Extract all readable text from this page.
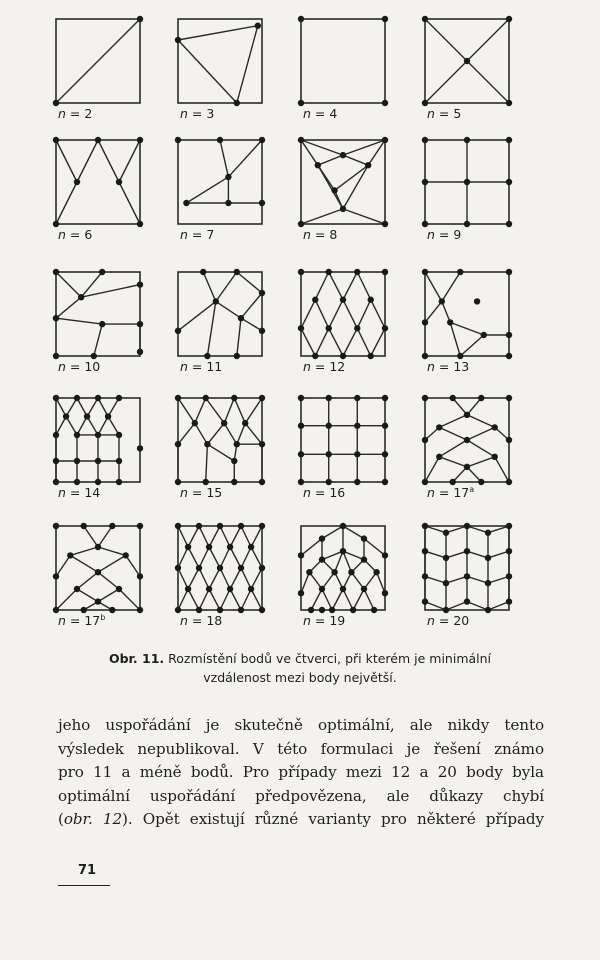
n = 2	n = 3	n = 4	n = 5
n = 6	n = 7	n = 8	n = 9
n = 10	n = 11	n = 12	n = 13
n = 14	n = 15	n = 16	$n = 17^a$
$n = 17^b$	n = 18	n = 19	n = 20
Obr. 11. Rozmístění bodů ve čtverci, při kterém je minimální
vzdálenost mezi body největší.
jeho uspořádání je skutečně optimální, ale nikdy tento
výsledek nepublikoval. V této formulaci je řešení známo
pro 11 a méně bodů. Pro případy mezi 12 a 20 body byla
optimální uspořádání předpovězena, ale důkazy chybí
(obr. 12). Opět existují různé varianty pro některé případy
71
